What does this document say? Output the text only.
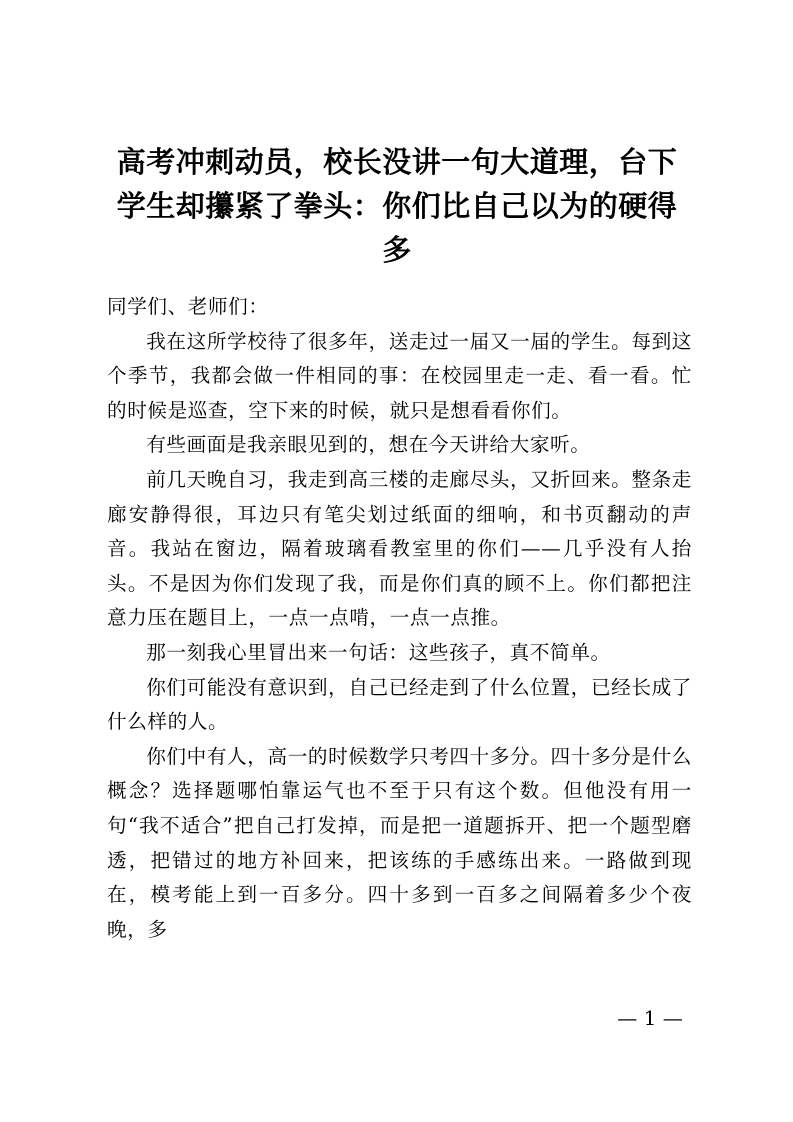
高考冲刺动员，校长没讲一句大道理，台下学生却攥紧了拳头：你们比自己以为的硬得多

同学们、老师们：

我在这所学校待了很多年，送走过一届又一届的学生。每到这个季节，我都会做一件相同的事：在校园里走一走、看一看。忙的时候是巡查，空下来的时候，就只是想看看你们。

有些画面是我亲眼见到的，想在今天讲给大家听。

前几天晚自习，我走到高三楼的走廊尽头，又折回来。整条走廊安静得很，耳边只有笔尖划过纸面的细响，和书页翻动的声音。我站在窗边，隔着玻璃看教室里的你们——几乎没有人抬头。不是因为你们发现了我，而是你们真的顾不上。你们都把注意力压在题目上，一点一点啃，一点一点推。

那一刻我心里冒出来一句话：这些孩子，真不简单。

你们可能没有意识到，自己已经走到了什么位置，已经长成了什么样的人。

你们中有人，高一的时候数学只考四十多分。四十多分是什么概念？选择题哪怕靠运气也不至于只有这个数。但他没有用一句“我不适合”把自己打发掉，而是把一道题拆开、把一个题型磨透，把错过的地方补回来，把该练的手感练出来。一路做到现在，模考能上到一百多分。四十多到一百多之间隔着多少个夜晚，多

— 1 —
